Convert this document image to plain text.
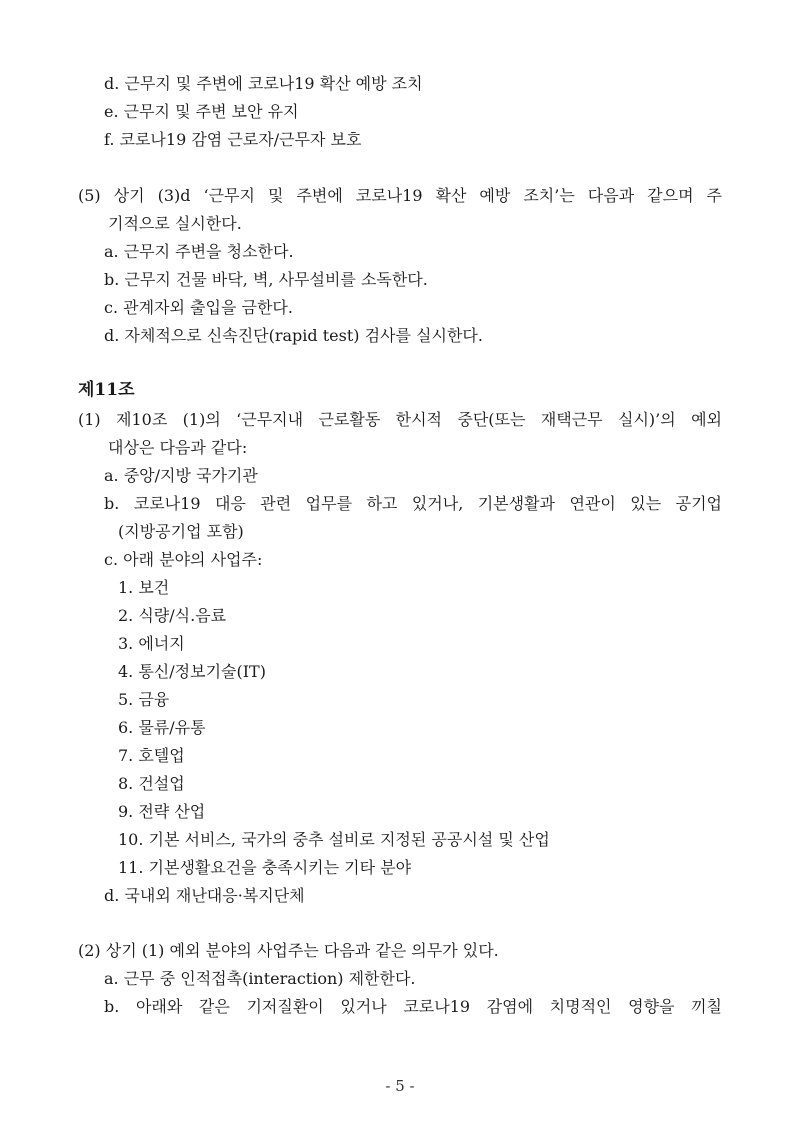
d. 근무지 및 주변에 코로나19 확산 예방 조치
e. 근무지 및 주변 보안 유지
f. 코로나19 감염 근로자/근무자 보호
(5) 상기 (3)d ‘근무지 및 주변에 코로나19 확산 예방 조치’는 다음과 같으며 주
기적으로 실시한다.
a. 근무지 주변을 청소한다.
b. 근무지 건물 바닥, 벽, 사무설비를 소독한다.
c. 관계자외 출입을 금한다.
d. 자체적으로 신속진단(rapid test) 검사를 실시한다.
제11조
(1) 제10조 (1)의 ‘근무지내 근로활동 한시적 중단(또는 재택근무 실시)’의 예외
대상은 다음과 같다:
a. 중앙/지방 국가기관
b. 코로나19 대응 관련 업무를 하고 있거나, 기본생활과 연관이 있는 공기업
(지방공기업 포함)
c. 아래 분야의 사업주:
1. 보건
2. 식량/식.음료
3. 에너지
4. 통신/정보기술(IT)
5. 금융
6. 물류/유통
7. 호텔업
8. 건설업
9. 전략 산업
10. 기본 서비스, 국가의 중추 설비로 지정된 공공시설 및 산업
11. 기본생활요건을 충족시키는 기타 분야
d. 국내외 재난대응·복지단체
(2) 상기 (1) 예외 분야의 사업주는 다음과 같은 의무가 있다.
a. 근무 중 인적접촉(interaction) 제한한다.
b. 아래와 같은 기저질환이 있거나 코로나19 감염에 치명적인 영향을 끼칠
- 5 -
